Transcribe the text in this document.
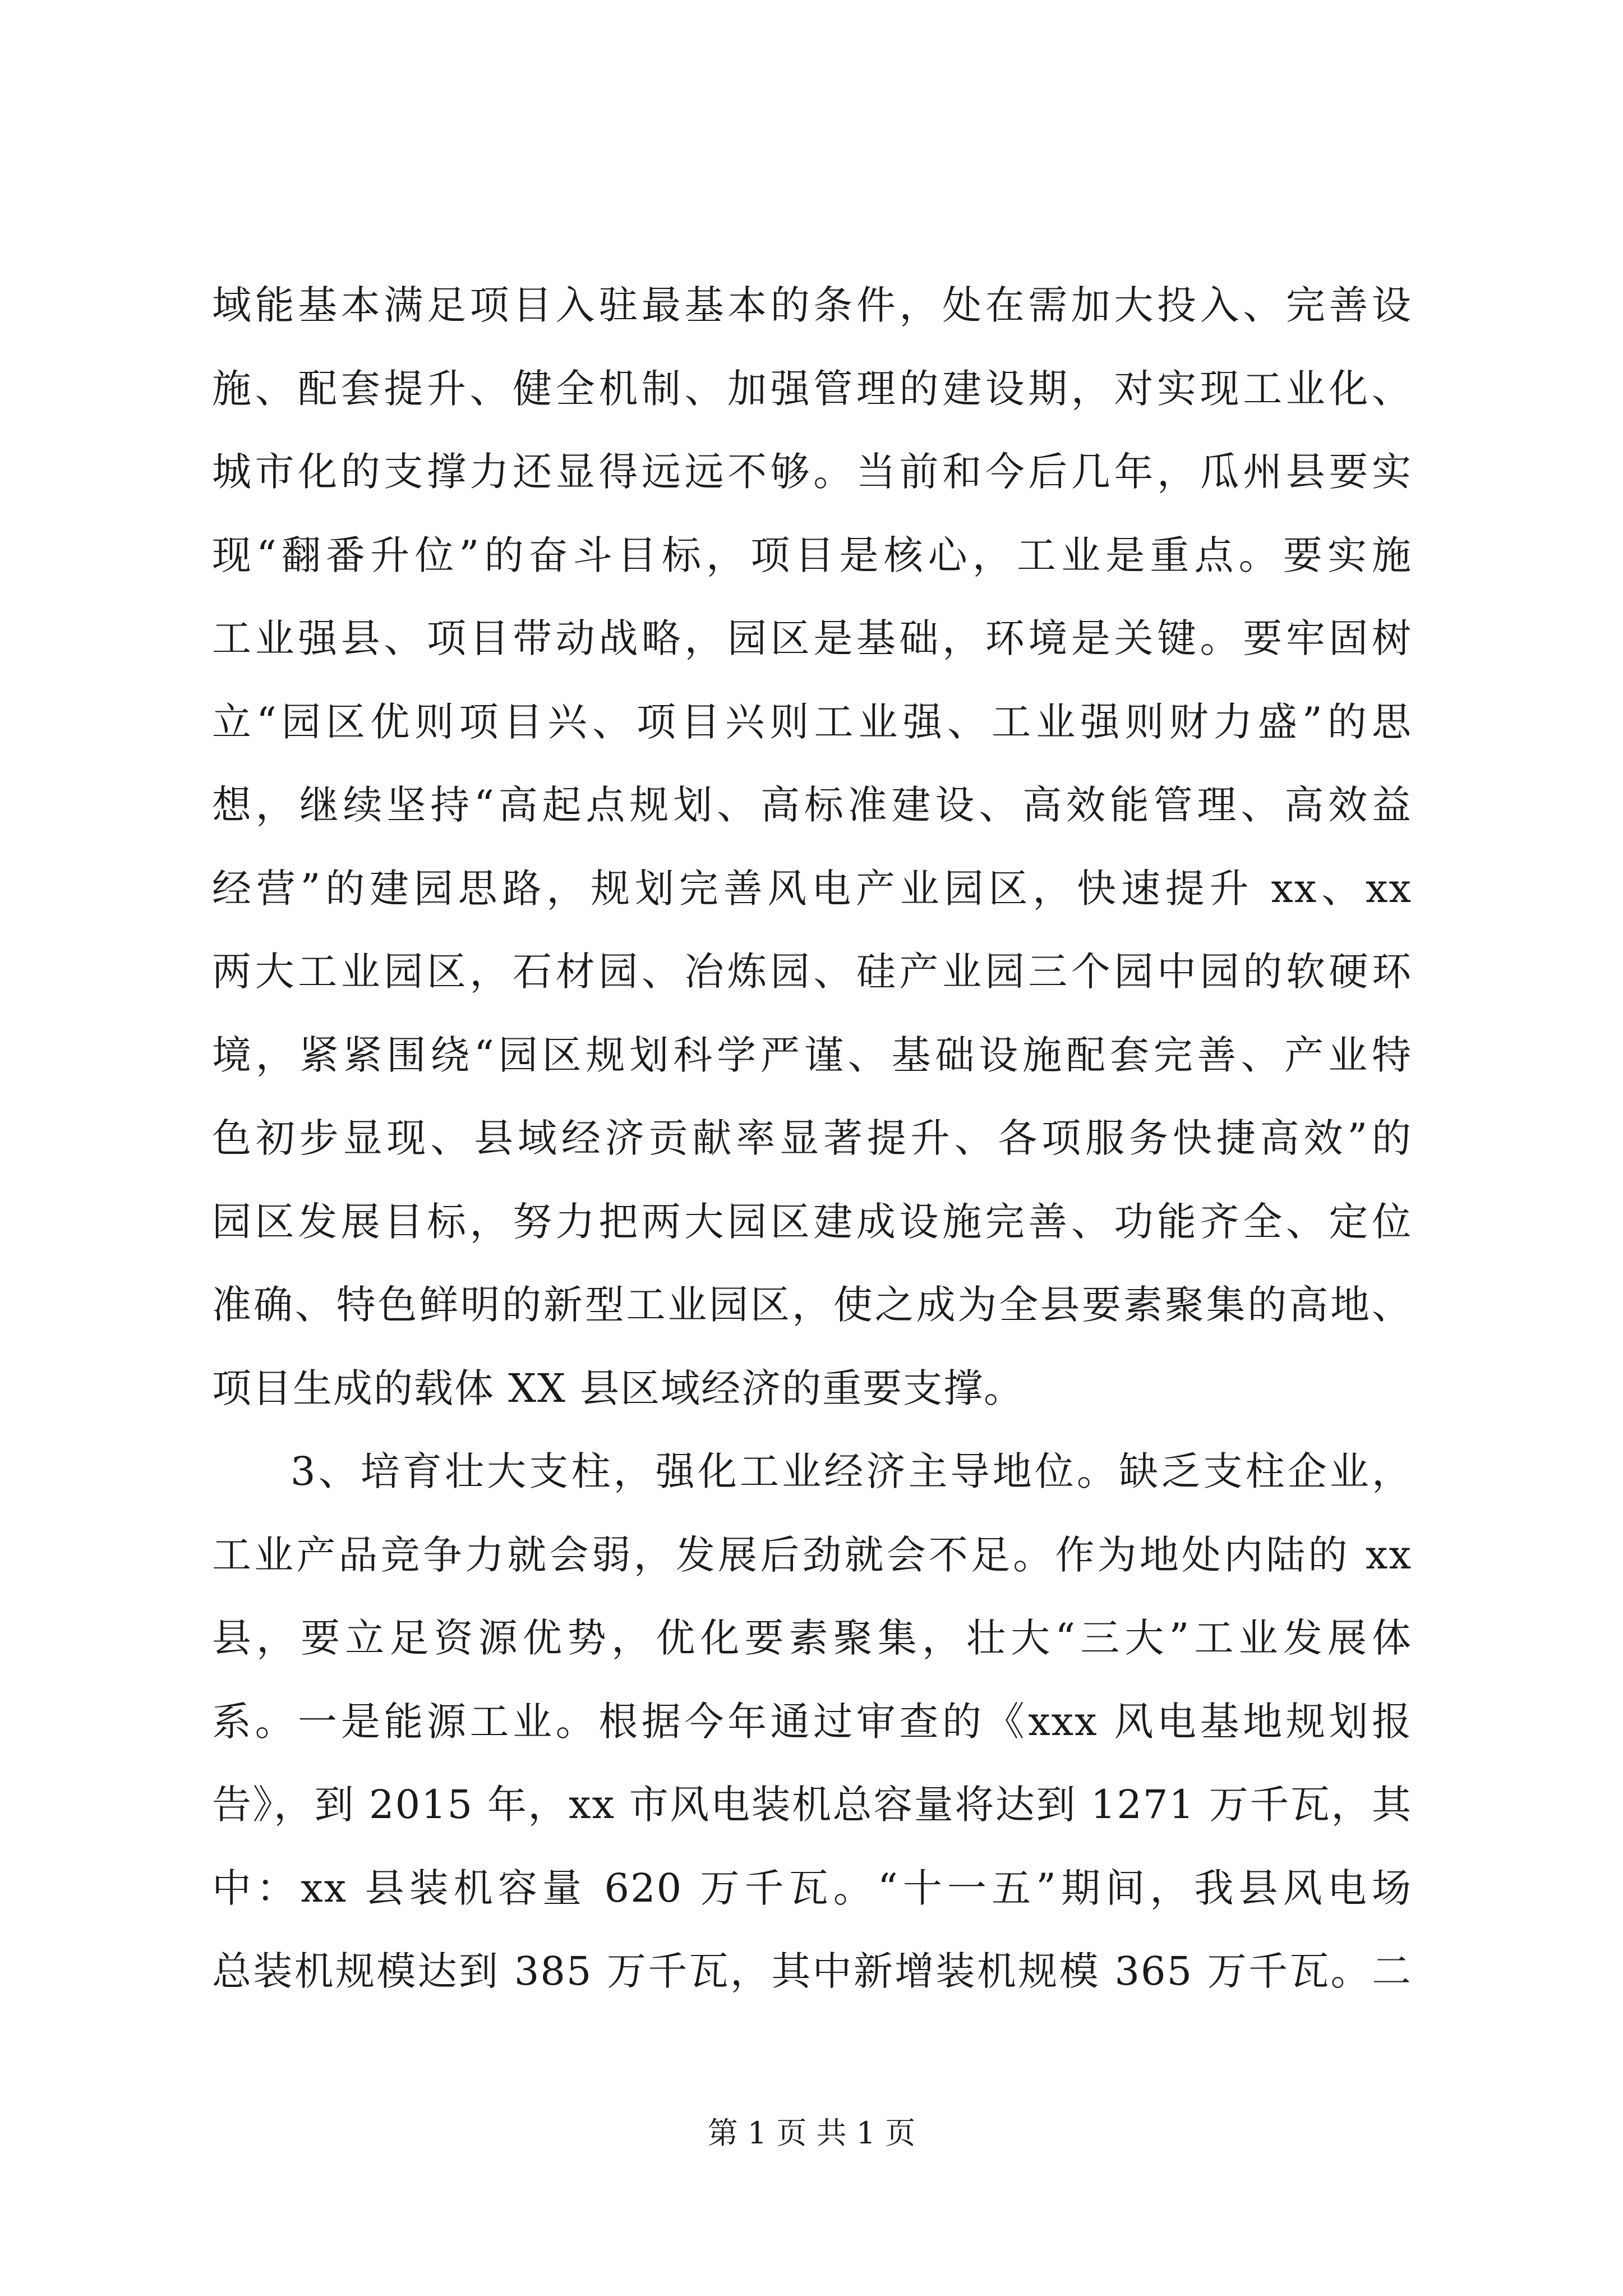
域能基本满足项目入驻最基本的条件，处在需加大投入、完善设
施、配套提升、健全机制、加强管理的建设期，对实现工业化、
城市化的支撑力还显得远远不够。当前和今后几年，瓜州县要实
现“翻番升位”的奋斗目标，项目是核心，工业是重点。要实施
工业强县、项目带动战略，园区是基础，环境是关键。要牢固树
立“园区优则项目兴、项目兴则工业强、工业强则财力盛”的思
想，继续坚持“高起点规划、高标准建设、高效能管理、高效益
经营”的建园思路，规划完善风电产业园区，快速提升 xx、xx
两大工业园区，石材园、冶炼园、硅产业园三个园中园的软硬环
境，紧紧围绕“园区规划科学严谨、基础设施配套完善、产业特
色初步显现、县域经济贡献率显著提升、各项服务快捷高效”的
园区发展目标，努力把两大园区建成设施完善、功能齐全、定位
准确、特色鲜明的新型工业园区，使之成为全县要素聚集的高地、
项目生成的载体 XX 县区域经济的重要支撑。
3、培育壮大支柱，强化工业经济主导地位。缺乏支柱企业，
工业产品竞争力就会弱，发展后劲就会不足。作为地处内陆的 xx
县，要立足资源优势，优化要素聚集，壮大“三大”工业发展体
系。一是能源工业。根据今年通过审查的《xxx 风电基地规划报
告》，到 2015 年，xx 市风电装机总容量将达到 1271 万千瓦，其
中：xx 县装机容量 620 万千瓦。“十一五”期间，我县风电场
总装机规模达到 385 万千瓦，其中新增装机规模 365 万千瓦。二
第 1 页 共 1 页
